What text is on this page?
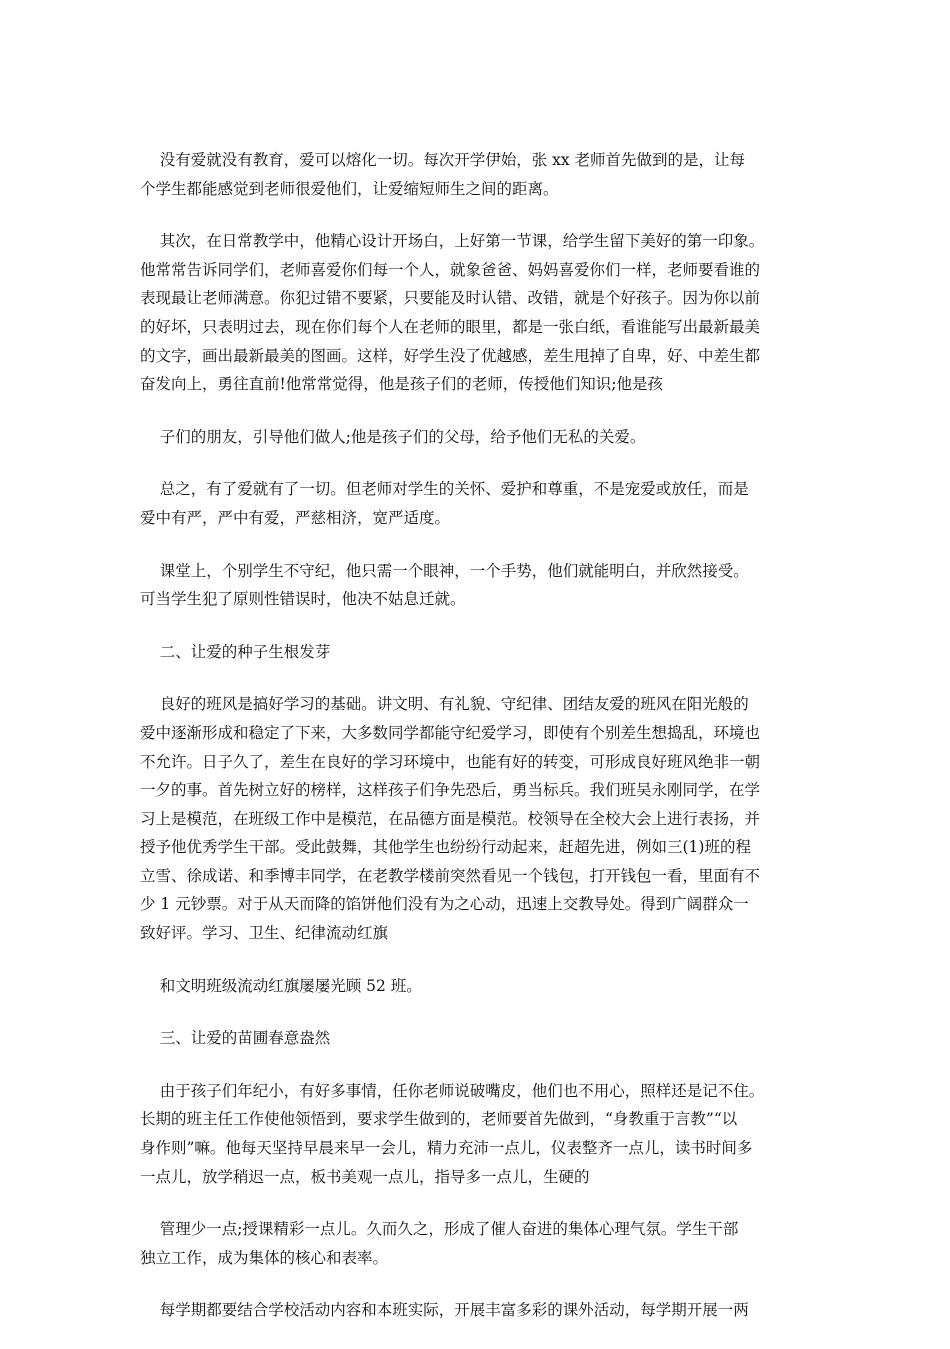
没有爱就没有教育，爱可以熔化一切。每次开学伊始，张 xx 老师首先做到的是，让每
个学生都能感觉到老师很爱他们，让爱缩短师生之间的距离。
其次，在日常教学中，他精心设计开场白，上好第一节课，给学生留下美好的第一印象。
他常常告诉同学们，老师喜爱你们每一个人，就象爸爸、妈妈喜爱你们一样，老师要看谁的
表现最让老师满意。你犯过错不要紧，只要能及时认错、改错，就是个好孩子。因为你以前
的好坏，只表明过去，现在你们每个人在老师的眼里，都是一张白纸，看谁能写出最新最美
的文字，画出最新最美的图画。这样，好学生没了优越感，差生甩掉了自卑，好、中差生都
奋发向上，勇往直前!他常常觉得，他是孩子们的老师，传授他们知识;他是孩
子们的朋友，引导他们做人;他是孩子们的父母，给予他们无私的关爱。
总之，有了爱就有了一切。但老师对学生的关怀、爱护和尊重，不是宠爱或放任，而是
爱中有严，严中有爱，严慈相济，宽严适度。
课堂上，个别学生不守纪，他只需一个眼神，一个手势，他们就能明白，并欣然接受。
可当学生犯了原则性错误时，他决不姑息迁就。
二、让爱的种子生根发芽
良好的班风是搞好学习的基础。讲文明、有礼貌、守纪律、团结友爱的班风在阳光般的
爱中逐渐形成和稳定了下来，大多数同学都能守纪爱学习，即使有个别差生想捣乱，环境也
不允许。日子久了，差生在良好的学习环境中，也能有好的转变，可形成良好班风绝非一朝
一夕的事。首先树立好的榜样，这样孩子们争先恐后，勇当标兵。我们班吴永刚同学，在学
习上是模范，在班级工作中是模范，在品德方面是模范。校领导在全校大会上进行表扬，并
授予他优秀学生干部。受此鼓舞，其他学生也纷纷行动起来，赶超先进，例如三(1)班的程
立雪、徐成诺、和季博丰同学，在老教学楼前突然看见一个钱包，打开钱包一看，里面有不
少 1 元钞票。对于从天而降的馅饼他们没有为之心动，迅速上交教导处。得到广阔群众一
致好评。学习、卫生、纪律流动红旗
和文明班级流动红旗屡屡光顾 52 班。
三、让爱的苗圃春意盎然
由于孩子们年纪小，有好多事情，任你老师说破嘴皮，他们也不用心，照样还是记不住。
长期的班主任工作使他领悟到，要求学生做到的，老师要首先做到，“身教重于言教”“以
身作则”嘛。他每天坚持早晨来早一会儿，精力充沛一点儿，仪表整齐一点儿，读书时间多
一点儿，放学稍迟一点，板书美观一点儿，指导多一点儿，生硬的
管理少一点;授课精彩一点儿。久而久之，形成了催人奋进的集体心理气氛。学生干部
独立工作，成为集体的核心和表率。
每学期都要结合学校活动内容和本班实际，开展丰富多彩的课外活动，每学期开展一两
